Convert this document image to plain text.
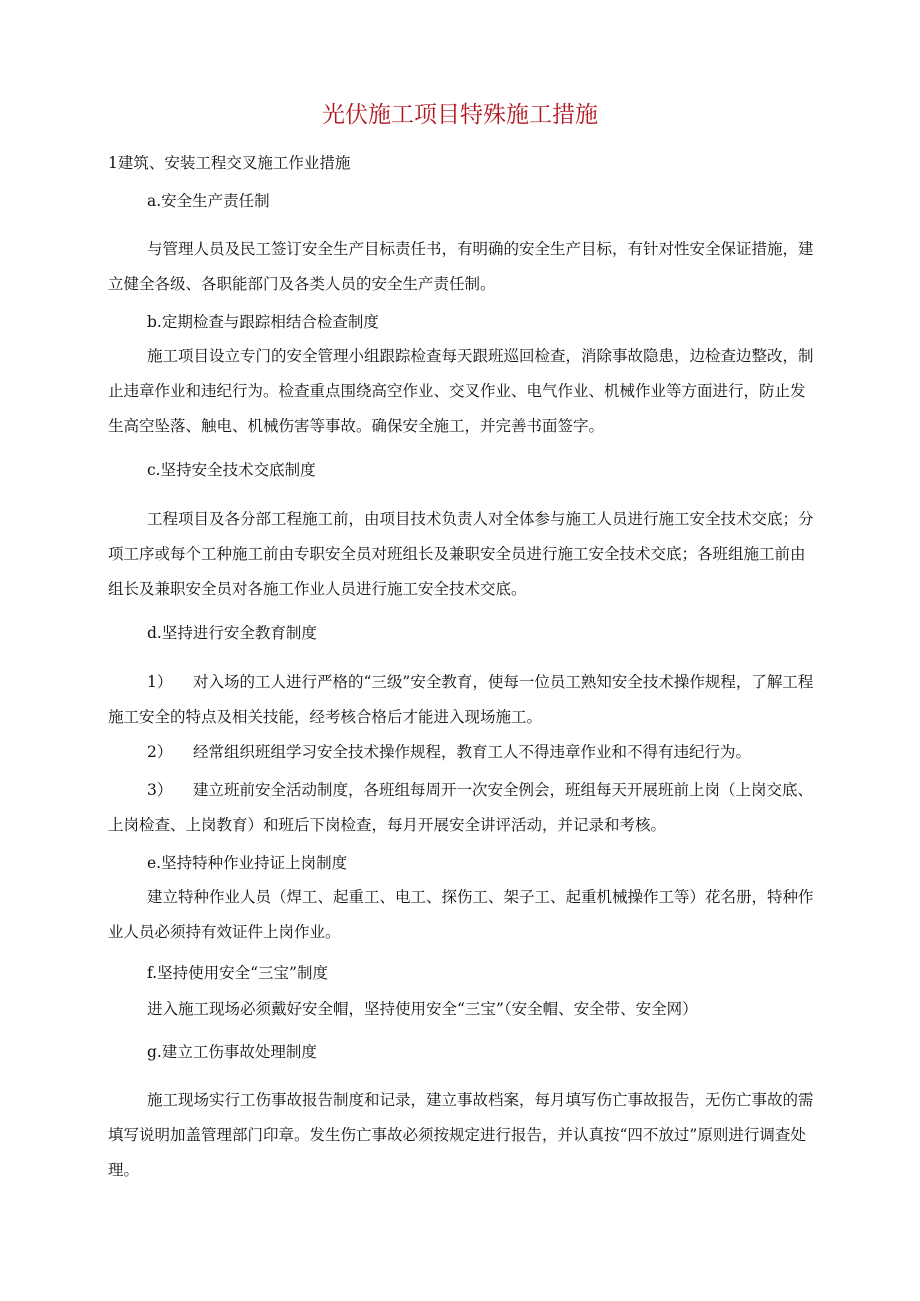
光伏施工项目特殊施工措施
1建筑、安装工程交叉施工作业措施
a.安全生产责任制

与管理人员及民工签订安全生产目标责任书，有明确的安全生产目标，有针对性安全保证措施，建立健全各级、各职能部门及各类人员的安全生产责任制。

b.定期检查与跟踪相结合检查制度

施工项目设立专门的安全管理小组跟踪检查每天跟班巡回检查，消除事故隐患，边检查边整改，制止违章作业和违纪行为。检查重点围绕高空作业、交叉作业、电气作业、机械作业等方面进行，防止发生高空坠落、触电、机械伤害等事故。确保安全施工，并完善书面签字。

c.坚持安全技术交底制度

工程项目及各分部工程施工前，由项目技术负责人对全体参与施工人员进行施工安全技术交底；分项工序或每个工种施工前由专职安全员对班组长及兼职安全员进行施工安全技术交底；各班组施工前由组长及兼职安全员对各施工作业人员进行施工安全技术交底。

d.坚持进行安全教育制度
1） 对入场的工人进行严格的“三级”安全教育，使每一位员工熟知安全技术操作规程，了解工程施工安全的特点及相关技能，经考核合格后才能进入现场施工。
2） 经常组织班组学习安全技术操作规程，教育工人不得违章作业和不得有违纪行为。
3） 建立班前安全活动制度，各班组每周开一次安全例会，班组每天开展班前上岗（上岗交底、上岗检查、上岗教育）和班后下岗检查，每月开展安全讲评活动，并记录和考核。
e.坚持特种作业持证上岗制度

建立特种作业人员（焊工、起重工、电工、探伤工、架子工、起重机械操作工等）花名册，特种作业人员必须持有效证件上岗作业。

f.坚持使用安全“三宝”制度

进入施工现场必须戴好安全帽，坚持使用安全“三宝”（安全帽、安全带、安全网）

g.建立工伤事故处理制度

施工现场实行工伤事故报告制度和记录，建立事故档案，每月填写伤亡事故报告，无伤亡事故的需填写说明加盖管理部门印章。发生伤亡事故必须按规定进行报告，并认真按“四不放过”原则进行调查处理。
